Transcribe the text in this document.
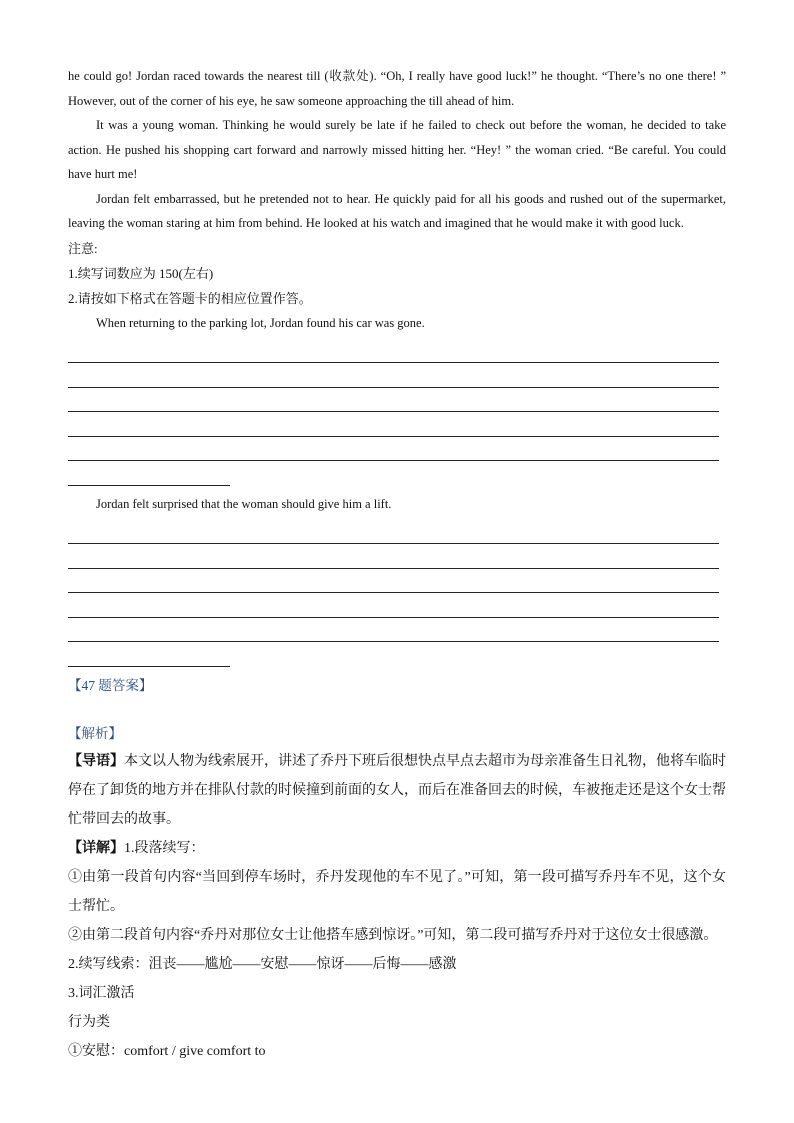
he could go! Jordan raced towards the nearest till (收款处). “Oh, I really have good luck!” he thought. “There’s no one there! ” However, out of the corner of his eye, he saw someone approaching the till ahead of him.

It was a young woman. Thinking he would surely be late if he failed to check out before the woman, he decided to take action. He pushed his shopping cart forward and narrowly missed hitting her. “Hey! ” the woman cried. “Be careful. You could have hurt me!

Jordan felt embarrassed, but he pretended not to hear. He quickly paid for all his goods and rushed out of the supermarket, leaving the woman staring at him from behind. He looked at his watch and imagined that he would make it with good luck.

注意:

1.续写词数应为 150(左右)

2.请按如下格式在答题卡的相应位置作答。

When returning to the parking lot, Jordan found his car was gone.

Jordan felt surprised that the woman should give him a lift.

【47 题答案】

【解析】

【导语】本文以人物为线索展开，讲述了乔丹下班后很想快点早点去超市为母亲准备生日礼物，他将车临时停在了卸货的地方并在排队付款的时候撞到前面的女人，而后在准备回去的时候，车被拖走还是这个女士帮忙带回去的故事。

【详解】1.段落续写：

①由第一段首句内容“当回到停车场时，乔丹发现他的车不见了。”可知，第一段可描写乔丹车不见，这个女士帮忙。

②由第二段首句内容“乔丹对那位女士让他搭车感到惊讶。”可知，第二段可描写乔丹对于这位女士很感激。

2.续写线索：沮丧——尴尬——安慰——惊讶——后悔——感激

3.词汇激活

行为类

①安慰：comfort / give comfort to
